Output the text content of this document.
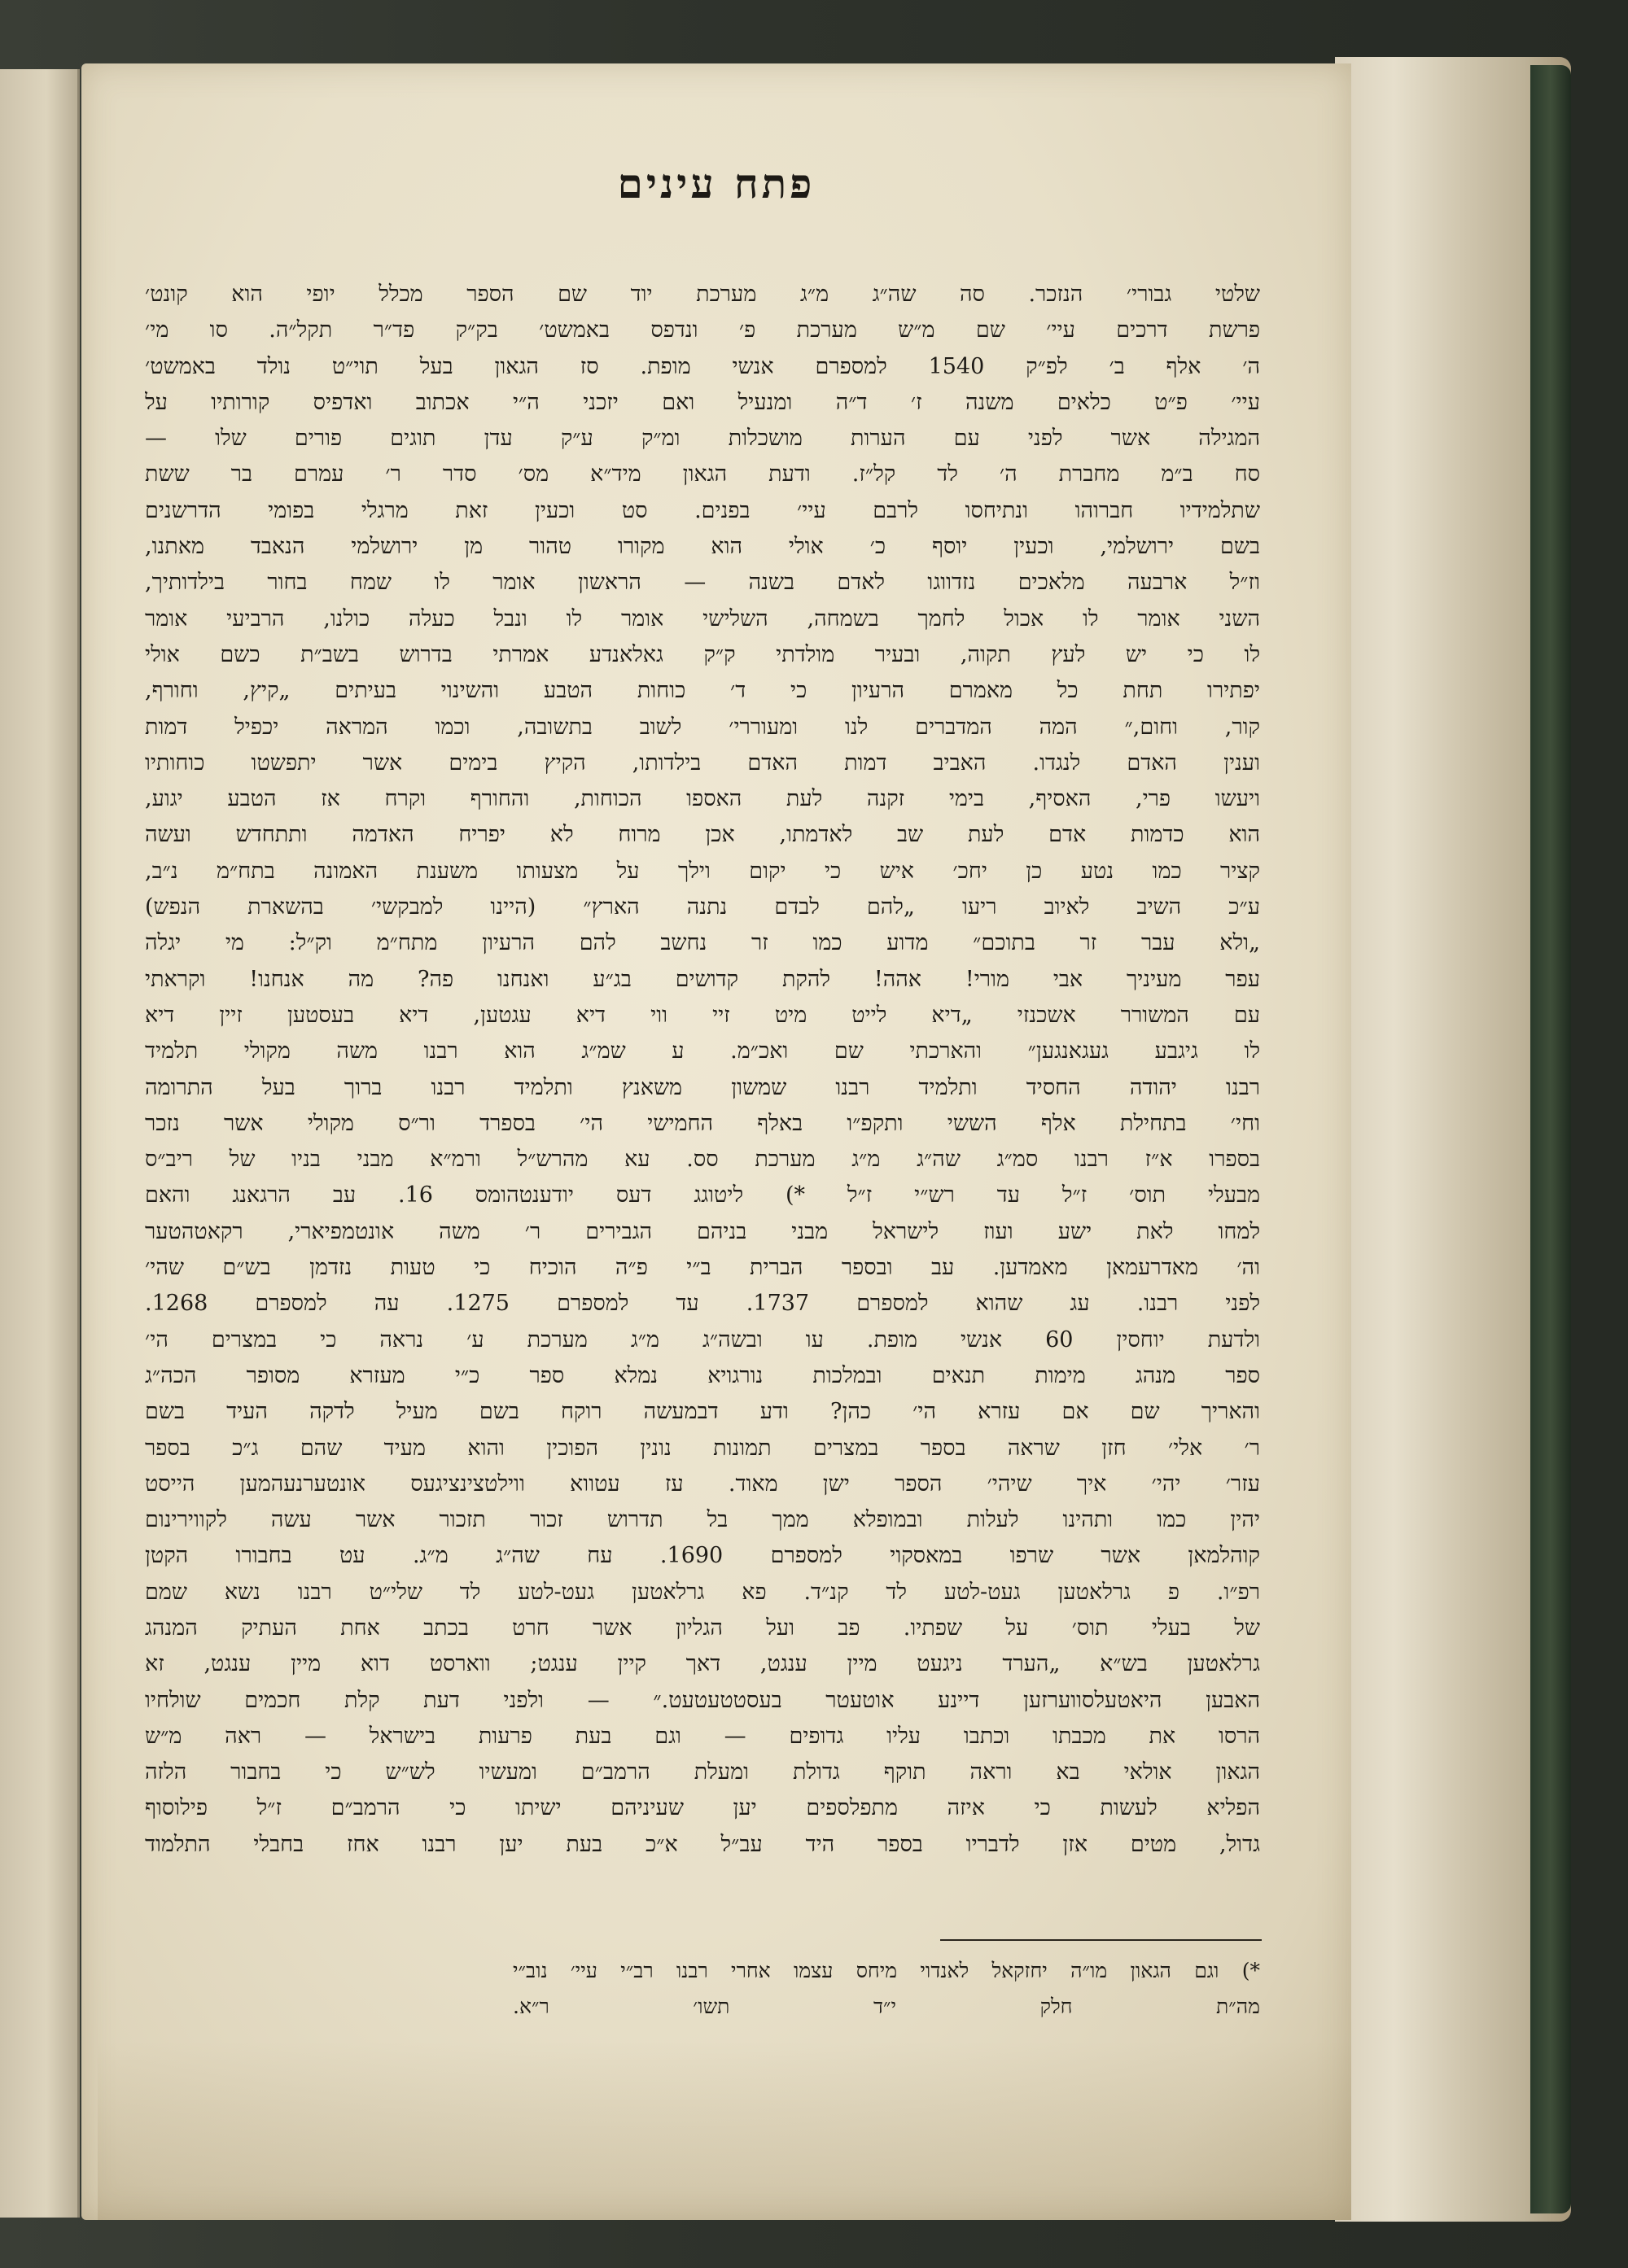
פתח עינים
שלטי גבורי׳ הנזכר. סה שה״ג מ״ג מערכת יוד שם הספר מכלל יופי הוא קונט׳
פרשת דרכים עיי׳ שם מ״ש מערכת פ׳ ונדפס באמשט׳ בק״ק פד״ר תקל״ה. סו מי׳
ה׳ אלף ב׳ לפ״ק 1540 למספרם אנשי מופת. סז הגאון בעל תוי״ט נולד באמשט׳
עיי׳ פ״ט כלאים משנה ז׳ ד״ה ומנעיל ואם יזכני ה״י אכתוב ואדפיס קורותיו על
המגילה אשר לפני עם הערות מושכלות ומ״ק ע״ק עדן תוגים פורים שלו —
סח ב״מ מחברת ה׳ לד קל״ז. ודעת הגאון מיד״א מס׳ סדר ר׳ עמרם בר ששת
שתלמידיו חברוהו ונתיחסו לרבם עיי׳ בפנים. סט וכעין זאת מרגלי בפומי הדרשנים
בשם ירושלמי, וכעין יוסף כ׳ אולי הוא מקורו טהור מן ירושלמי הנאבד מאתנו,
וז״ל ארבעה מלאכים נזדווגו לאדם בשנה — הראשון אומר לו שמח בחור בילדותיך,
השני אומר לו אכול לחמך בשמחה, השלישי אומר לו ונבל כעלה כולנו, הרביעי אומר
לו כי יש לעץ תקוה, ובעיר מולדתי ק״ק גאלאנדע אמרתי בדרוש בשב״ת כשם אולי
יפתירו תחת כל מאמרם הרעיון כי ד׳ כוחות הטבע והשינוי בעיתים „קיץ, וחורף,
קור, וחום,״ המה המדברים לנו ומעוררי׳ לשוב בתשובה, וכמו המראה יכפיל דמות
וענין האדם לנגדו. האביב דמות האדם בילדותו, הקיץ בימים אשר יתפשטו כוחותיו
ויעשו פרי, האסיף, בימי זקנה לעת האספו הכוחות, והחורף וקרח אז הטבע יגוע,
הוא כדמות אדם לעת שב לאדמתו, אכן מרוח לא יפריח האדמה ותתחדש ועשה
קציר כמו נטע כן יחכ׳ איש כי יקום וילך על מצעותו משענת האמונה בתח״מ נ״ב,
ע״כ השיב לאיוב ריעו „להם לבדם נתנה הארץ״ (היינו למבקשי׳ בהשארת הנפש)
„ולא עבר זר בתוכם״ מדוע כמו זר נחשב להם הרעיון מתח״מ וק״ל: מי יגלה
עפר מעיניך אבי מורי! אהה! להקת קדושים בג״ע ואנחנו פה? מה אנחנו! וקראתי
עם המשורר אשכנזי „דיא לייט מיט זיי ווי דיא עגטען, דיא בעסטען זיין דיא
לו גיגבע געגאנגען״ והארכתי שם ואכ״מ. ע שמ״ג הוא רבנו משה מקולי תלמיד
רבנו יהודה החסיד ותלמיד רבנו שמשון משאנץ ותלמיד רבנו ברוך בעל התרומה
וחי׳ בתחילת אלף הששי ותקפ״ו באלף החמישי הי׳ בספרד ור״ס מקולי אשר נזכר
בספרו א״ז רבנו סמ״ג שה״ג מ״ג מערכת סס. עא מהרש״ל ורמ״א מבני בניו של ריב״ס
מבעלי תוס׳ ז״ל עד רש״י ז״ל *) ליטוגג דעס יודענטהומס 16. עב הרגאנג והאם
למחו לאת ישע ועוז לישראל מבני בניהם הגבירים ר׳ משה אונטמפיארי, רקאטהטער
וה׳ מאדרעמאן מאמדען. עב ובספר הברית ב״י פ״ה הוכיח כי טעות נזדמן בש״ם שהי׳
לפני רבנו. עג שהוא למספרם 1737. עד למספרם 1275. עה למספרם 1268.
ולדעת יוחסין 60 אנשי מופת. עו ובשה״ג מ״ג מערכת ע׳ נראה כי במצרים הי׳
ספר מנהג מימות תנאים ובמלכות נורגויא נמלא ספר כ״י מעזרא מסופר הכה״ג
והאריך שם אם עזרא הי׳ כהן? ודע דבמעשה רוקח בשם מעיל לדקה העיד בשם
ר׳ אלי׳ חזן שראה בספר במצרים תמונות נונין הפוכין והוא מעיד שהם ג״כ בספר
עזר׳ יהי׳ איך שיהי׳ הספר ישן מאוד. עז עטווא ווילטצינציגעס אונטערנעהמען הייסט
יהין כמו ותהינו לעלות ובמופלא ממך בל תדרוש זכור תזכור אשר עשה לקווירינום
קוהלמאן אשר שרפו במאסקוי למספרם 1690. עח שה״ג מ״ג. עט בחבורו הקטן
רפ״ו. פ גרלאטען געט-לטע לד קנ״ד. פא גרלאטען געט-לטע לד שלי״ט רבנו נשא שמם
של בעלי תוס׳ על שפתיו. פב ועל הגליון אשר חרט בכתב אחת העתיק המנהג
גרלאטען בש״א „הערד ניגעט מיין ענגט, דאך קיין ענגט; ווארסט דוא מיין ענגט, זא
האבען היאטעלסווערזען דיינע אוטעטר בעסטטעטעט.״ — ולפני דעת קלת חכמים שולחיו
הרסו את מכבתו וכתבו עליו גדופים — וגם בעת פרעות בישראל — ראה מ״ש
הגאון אולאי בא וראה תוקף גדולת ומעלת הרמב״ם ומעשיו לש״ש כי בחבור הלזה
הפליא לעשות כי איזה מתפלספים יען שעיניהם ישיתו כי הרמב״ם ז״ל פילוסוף
גדול, מטים אזן לדבריו בספר היד עב״ל א״כ בעת יען רבנו אחז בחבלי התלמוד
*) וגם הגאון מו״ה יחזקאל לאנדוי מיחס עצמו אחרי רבנו רב״י עיי׳ נוב״י
מה״ת חלק י״ד תשו׳ ר״א.
